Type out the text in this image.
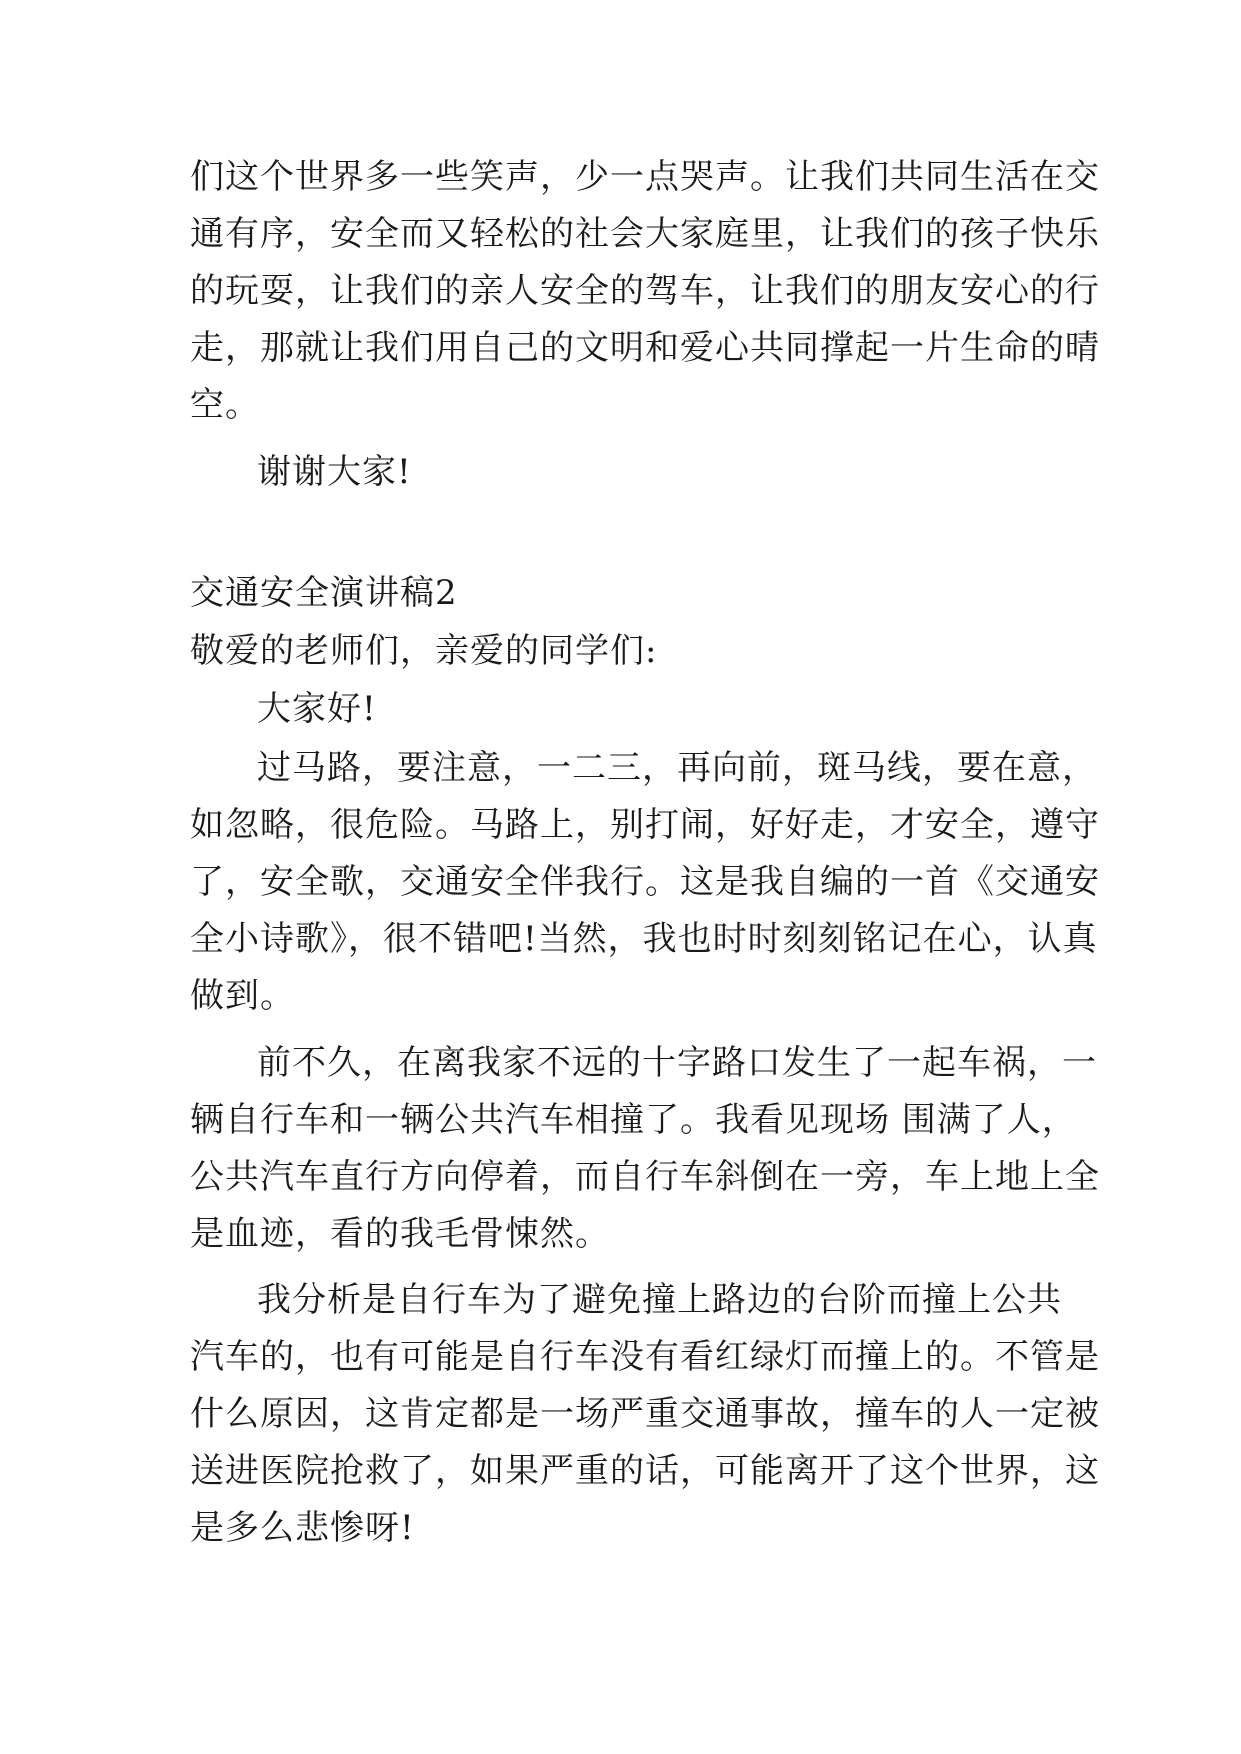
们这个世界多一些笑声，少一点哭声。让我们共同生活在交
通有序，安全而又轻松的社会大家庭里，让我们的孩子快乐
的玩耍，让我们的亲人安全的驾车，让我们的朋友安心的行
走，那就让我们用自己的文明和爱心共同撑起一片生命的晴
空。
谢谢大家!
交通安全演讲稿2
敬爱的老师们，亲爱的同学们:
大家好!
过马路，要注意，一二三，再向前，斑马线，要在意，
如忽略，很危险。马路上，别打闹，好好走，才安全，遵守
了，安全歌，交通安全伴我行。这是我自编的一首《交通安
全小诗歌》，很不错吧!当然，我也时时刻刻铭记在心，认真
做到。
前不久，在离我家不远的十字路口发生了一起车祸，一
辆自行车和一辆公共汽车相撞了。我看见现场 围满了人，
公共汽车直行方向停着，而自行车斜倒在一旁，车上地上全
是血迹，看的我毛骨悚然。
我分析是自行车为了避免撞上路边的台阶而撞上公共
汽车的，也有可能是自行车没有看红绿灯而撞上的。不管是
什么原因，这肯定都是一场严重交通事故，撞车的人一定被
送进医院抢救了，如果严重的话，可能离开了这个世界，这
是多么悲惨呀!
